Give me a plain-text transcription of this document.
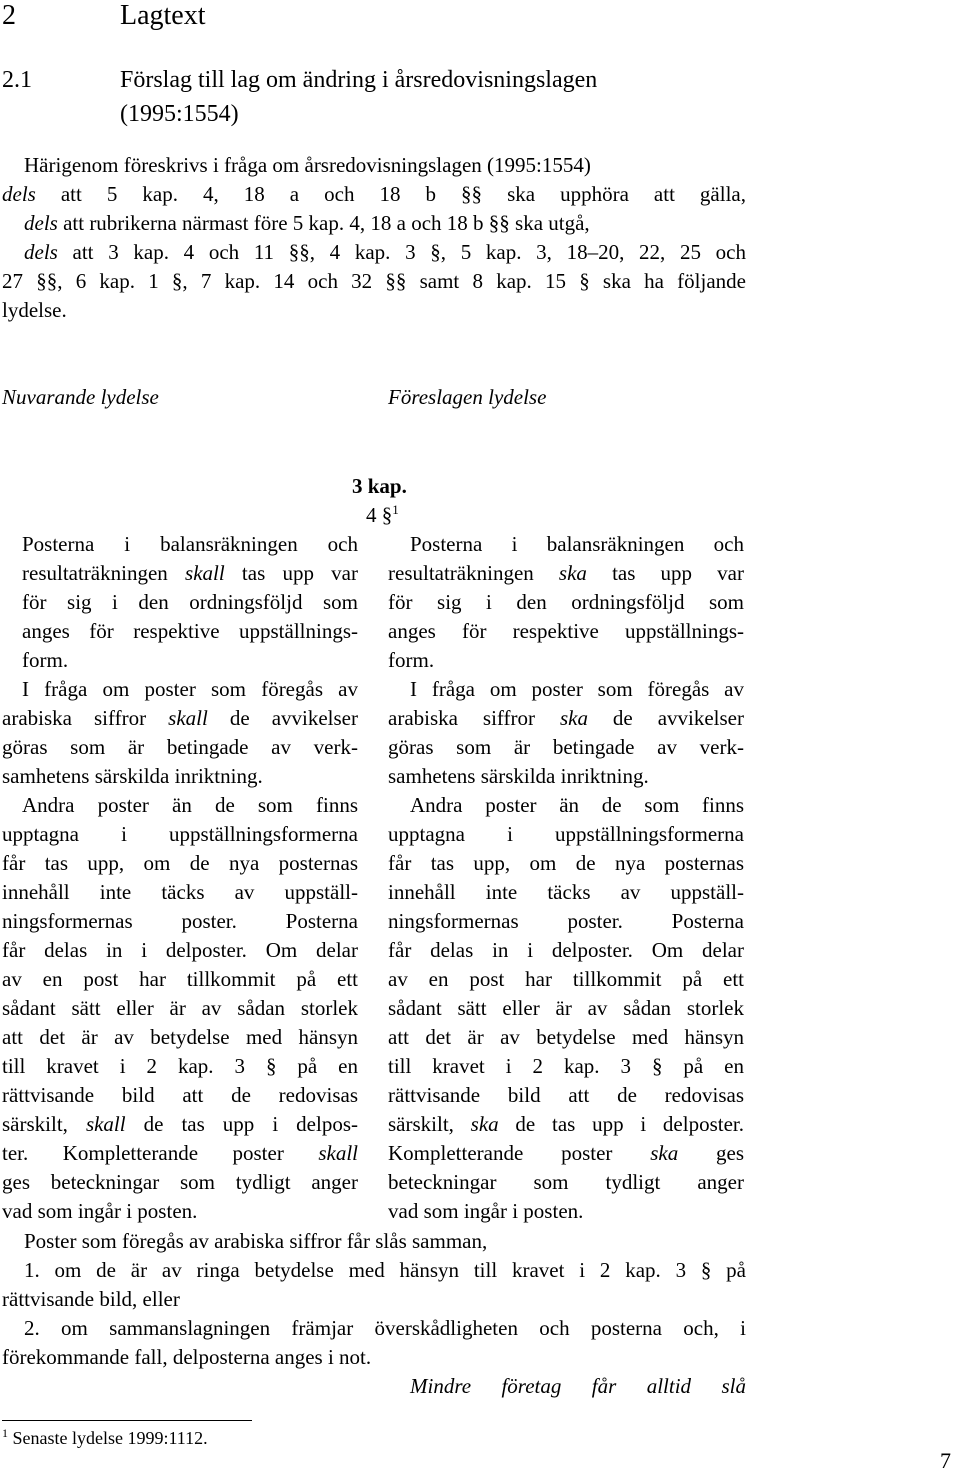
2	Lagtext
2.1	Förslag till lag om ändring i årsredovisningslagen
(1995:1554)
Härigenom föreskrivs i fråga om årsredovisningslagen (1995:1554)
dels att 5 kap. 4, 18 a och 18 b §§ ska upphöra att gälla,
dels att rubrikerna närmast före 5 kap. 4, 18 a och 18 b §§ ska utgå,
dels att 3 kap. 4 och 11 §§, 4 kap. 3 §, 5 kap. 3, 18–20, 22, 25 och
27 §§, 6 kap. 1 §, 7 kap. 14 och 32 §§ samt 8 kap. 15 § ska ha följande
lydelse.
Nuvarande lydelse	Föreslagen lydelse
3 kap.
4 §$^1$
Posterna i balansräkningen och
resultaträkningen skall tas upp var
för sig i den ordningsföljd som
anges för respektive uppställnings-
form.
I fråga om poster som föregås av
arabiska siffror skall de avvikelser
göras som är betingade av verk-
samhetens särskilda inriktning.
Andra poster än de som finns
upptagna i uppställningsformerna
får tas upp, om de nya posternas
innehåll inte täcks av uppställ-
ningsformernas poster. Posterna
får delas in i delposter. Om delar
av en post har tillkommit på ett
sådant sätt eller är av sådan storlek
att det är av betydelse med hänsyn
till kravet i 2 kap. 3 § på en
rättvisande bild att de redovisas
särskilt, skall de tas upp i delpos-
ter. Kompletterande poster skall
ges beteckningar som tydligt anger
vad som ingår i posten.
Posterna i balansräkningen och
resultaträkningen ska tas upp var
för sig i den ordningsföljd som
anges för respektive uppställnings-
form.
I fråga om poster som föregås av
arabiska siffror ska de avvikelser
göras som är betingade av verk-
samhetens särskilda inriktning.
Andra poster än de som finns
upptagna i uppställningsformerna
får tas upp, om de nya posternas
innehåll inte täcks av uppställ-
ningsformernas poster. Posterna
får delas in i delposter. Om delar
av en post har tillkommit på ett
sådant sätt eller är av sådan storlek
att det är av betydelse med hänsyn
till kravet i 2 kap. 3 § på en
rättvisande bild att de redovisas
särskilt, ska de tas upp i delposter.
Kompletterande poster ska ges
beteckningar som tydligt anger
vad som ingår i posten.
Poster som föregås av arabiska siffror får slås samman,
1. om de är av ringa betydelse med hänsyn till kravet i 2 kap. 3 § på
rättvisande bild, eller
2. om sammanslagningen främjar överskådligheten och posterna och, i
förekommande fall, delposterna anges i not.
Mindre företag får alltid slå
$^1$ Senaste lydelse 1999:1112.
7
